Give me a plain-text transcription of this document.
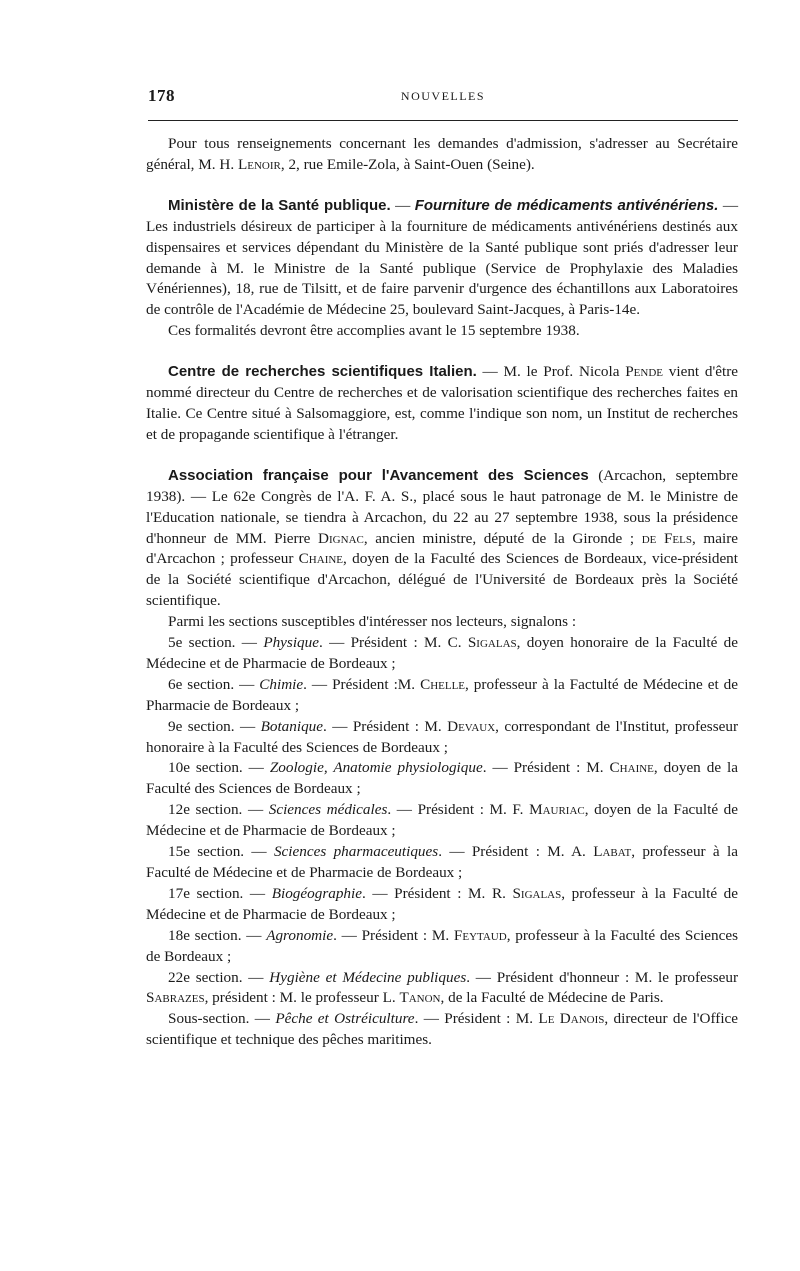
178	NOUVELLES

Pour tous renseignements concernant les demandes d'admission, s'adresser au Secrétaire général, M. H. Lenoir, 2, rue Emile-Zola, à Saint-Ouen (Seine).

Ministère de la Santé publique. — Fourniture de médicaments antivénériens. — Les industriels désireux de participer à la fourniture de médicaments antivénériens destinés aux dispensaires et services dépendant du Ministère de la Santé publique sont priés d'adresser leur demande à M. le Ministre de la Santé publique (Service de Prophylaxie des Maladies Vénériennes), 18, rue de Tilsitt, et de faire parvenir d'urgence des échantillons aux Laboratoires de contrôle de l'Académie de Médecine 25, boulevard Saint-Jacques, à Paris-14e.

Ces formalités devront être accomplies avant le 15 septembre 1938.

Centre de recherches scientifiques Italien. — M. le Prof. Nicola Pende vient d'être nommé directeur du Centre de recherches et de valorisation scientifique des recherches faites en Italie. Ce Centre situé à Salsomaggiore, est, comme l'indique son nom, un Institut de recherches et de propagande scientifique à l'étranger.

Association française pour l'Avancement des Sciences (Arcachon, septembre 1938). — Le 62e Congrès de l'A. F. A. S., placé sous le haut patronage de M. le Ministre de l'Education nationale, se tiendra à Arcachon, du 22 au 27 septembre 1938, sous la présidence d'honneur de MM. Pierre Dignac, ancien ministre, député de la Gironde ; de Fels, maire d'Arcachon ; professeur Chaine, doyen de la Faculté des Sciences de Bordeaux, vice-président de la Société scientifique d'Arcachon, délégué de l'Université de Bordeaux près la Société scientifique.

Parmi les sections susceptibles d'intéresser nos lecteurs, signalons :

5e section. — Physique. — Président : M. C. Sigalas, doyen honoraire de la Faculté de Médecine et de Pharmacie de Bordeaux ;

6e section. — Chimie. — Président :M. Chelle, professeur à la Factulté de Médecine et de Pharmacie de Bordeaux ;

9e section. — Botanique. — Président : M. Devaux, correspondant de l'Institut, professeur honoraire à la Faculté des Sciences de Bordeaux ;

10e section. — Zoologie, Anatomie physiologique. — Président : M. Chaine, doyen de la Faculté des Sciences de Bordeaux ;

12e section. — Sciences médicales. — Président : M. F. Mauriac, doyen de la Faculté de Médecine et de Pharmacie de Bordeaux ;

15e section. — Sciences pharmaceutiques. — Président : M. A. Labat, professeur à la Faculté de Médecine et de Pharmacie de Bordeaux ;

17e section. — Biogéographie. — Président : M. R. Sigalas, professeur à la Faculté de Médecine et de Pharmacie de Bordeaux ;

18e section. — Agronomie. — Président : M. Feytaud, professeur à la Faculté des Sciences de Bordeaux ;

22e section. — Hygiène et Médecine publiques. — Président d'honneur : M. le professeur Sabrazes, président : M. le professeur L. Tanon, de la Faculté de Médecine de Paris.

Sous-section. — Pêche et Ostréiculture. — Président : M. Le Danois, directeur de l'Office scientifique et technique des pêches maritimes.
